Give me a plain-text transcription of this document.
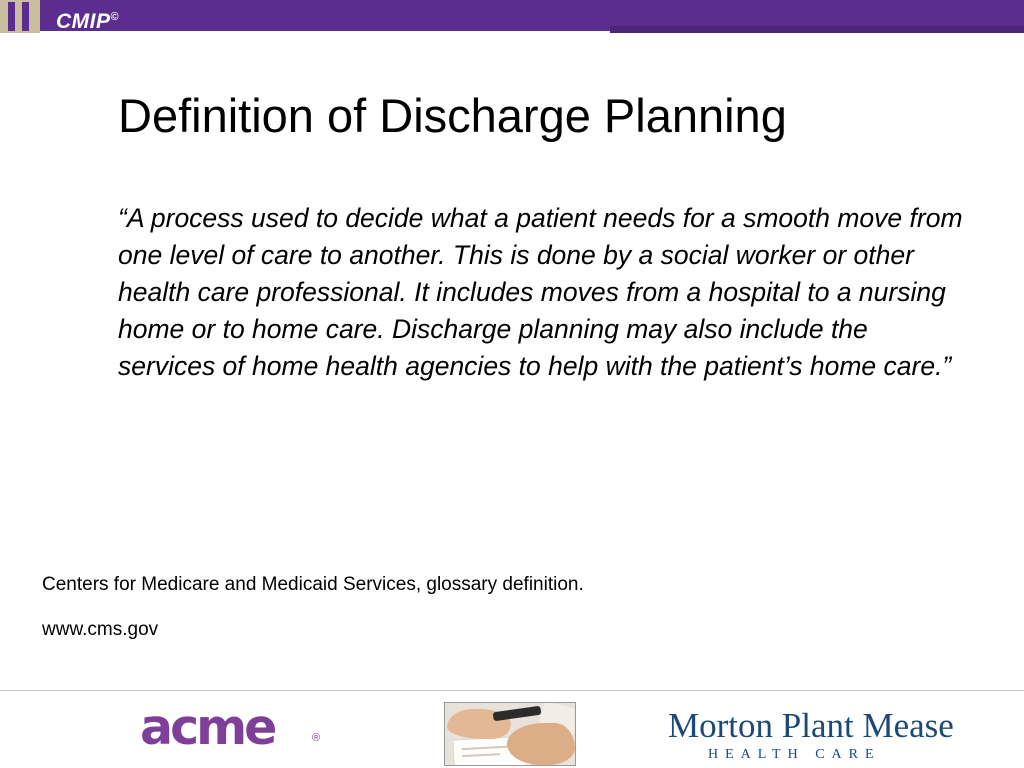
CMIP©
Definition of Discharge Planning
“A process used to decide what a patient needs for a smooth move from one level of care to another. This is done by a social worker or other health care professional. It includes moves from a hospital to a nursing home or to home care. Discharge planning may also include the services of home health agencies to help with the patient’s home care.”
Centers for Medicare and Medicaid Services, glossary definition.
www.cms.gov
acme	®	Morton Plant Mease
HEALTH CARE
